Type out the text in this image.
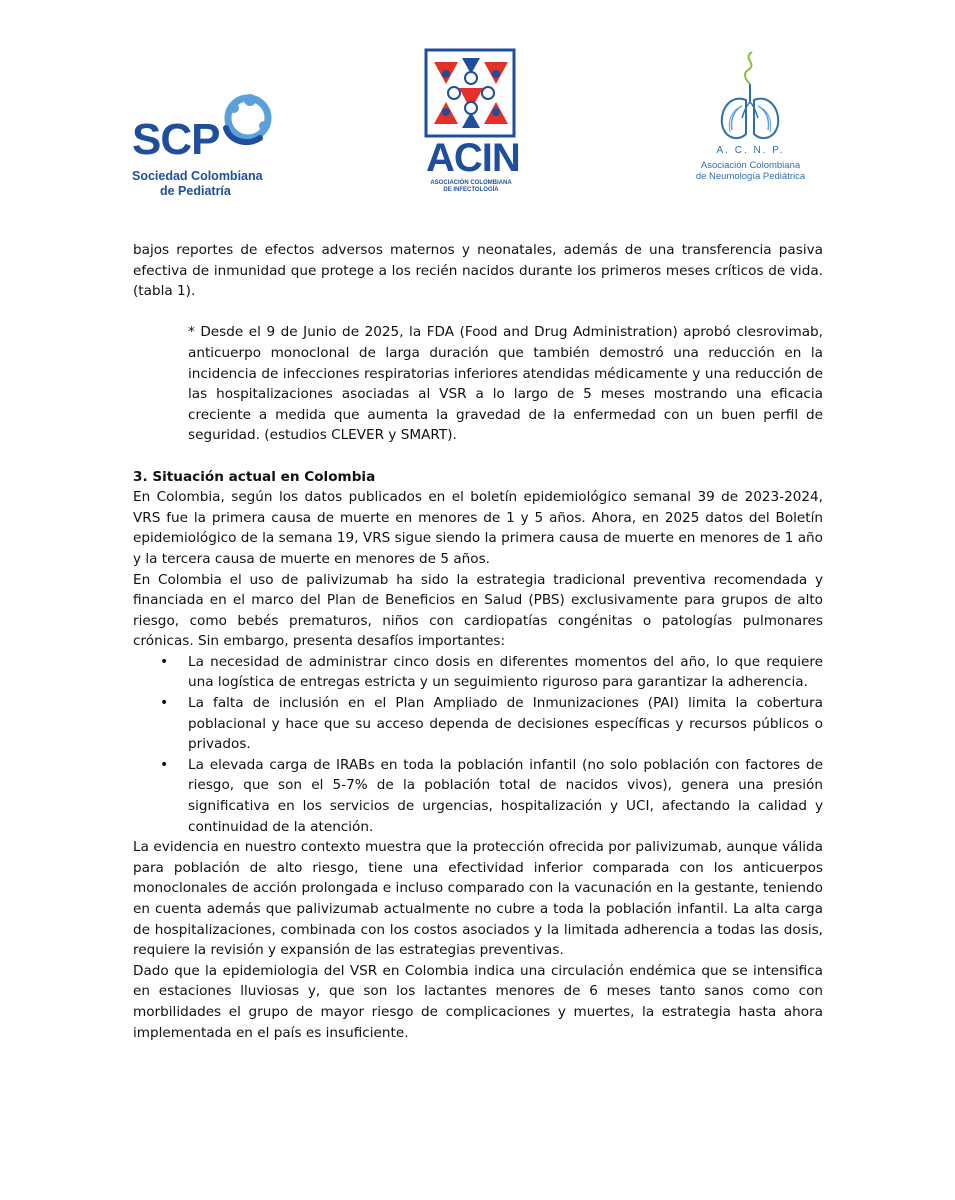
SCP
Sociedad Colombiana
de Pediatría
ACIN
ASOCIACIÓN COLOMBIANA
DE INFECTOLOGÍA
A. C. N. P.
Asociación Colombiana
de Neumología Pediátrica

bajos reportes de efectos adversos maternos y neonatales, además de una transferencia pasiva efectiva de inmunidad que protege a los recién nacidos durante los primeros meses críticos de vida. (tabla 1).

* Desde el 9 de Junio de 2025, la FDA (Food and Drug Administration) aprobó clesrovimab, anticuerpo monoclonal de larga duración que también demostró una reducción en la incidencia de infecciones respiratorias inferiores atendidas médicamente y una reducción de las hospitalizaciones asociadas al VSR a lo largo de 5 meses mostrando una eficacia creciente a medida que aumenta la gravedad de la enfermedad con un buen perfil de seguridad. (estudios CLEVER y SMART).

3. Situación actual en Colombia

En Colombia, según los datos publicados en el boletín epidemiológico semanal 39 de 2023-2024, VRS fue la primera causa de muerte en menores de 1 y 5 años. Ahora, en 2025 datos del Boletín epidemiológico de la semana 19, VRS sigue siendo la primera causa de muerte en menores de 1 año y la tercera causa de muerte en menores de 5 años.

En Colombia el uso de palivizumab ha sido la estrategia tradicional preventiva recomendada y financiada en el marco del Plan de Beneficios en Salud (PBS) exclusivamente para grupos de alto riesgo, como bebés prematuros, niños con cardiopatías congénitas o patologías pulmonares crónicas. Sin embargo, presenta desafíos importantes:

• La necesidad de administrar cinco dosis en diferentes momentos del año, lo que requiere una logística de entregas estricta y un seguimiento riguroso para garantizar la adherencia.
• La falta de inclusión en el Plan Ampliado de Inmunizaciones (PAI) limita la cobertura poblacional y hace que su acceso dependa de decisiones específicas y recursos públicos o privados.
• La elevada carga de IRABs en toda la población infantil (no solo población con factores de riesgo, que son el 5-7% de la población total de nacidos vivos), genera una presión significativa en los servicios de urgencias, hospitalización y UCI, afectando la calidad y continuidad de la atención.

La evidencia en nuestro contexto muestra que la protección ofrecida por palivizumab, aunque válida para población de alto riesgo, tiene una efectividad inferior comparada con los anticuerpos monoclonales de acción prolongada e incluso comparado con la vacunación en la gestante, teniendo en cuenta además que palivizumab actualmente no cubre a toda la población infantil. La alta carga de hospitalizaciones, combinada con los costos asociados y la limitada adherencia a todas las dosis, requiere la revisión y expansión de las estrategias preventivas.

Dado que la epidemiologia del VSR en Colombia indica una circulación endémica que se intensifica en estaciones lluviosas y, que son los lactantes menores de 6 meses tanto sanos como con morbilidades el grupo de mayor riesgo de complicaciones y muertes, la estrategia hasta ahora implementada en el país es insuficiente.
